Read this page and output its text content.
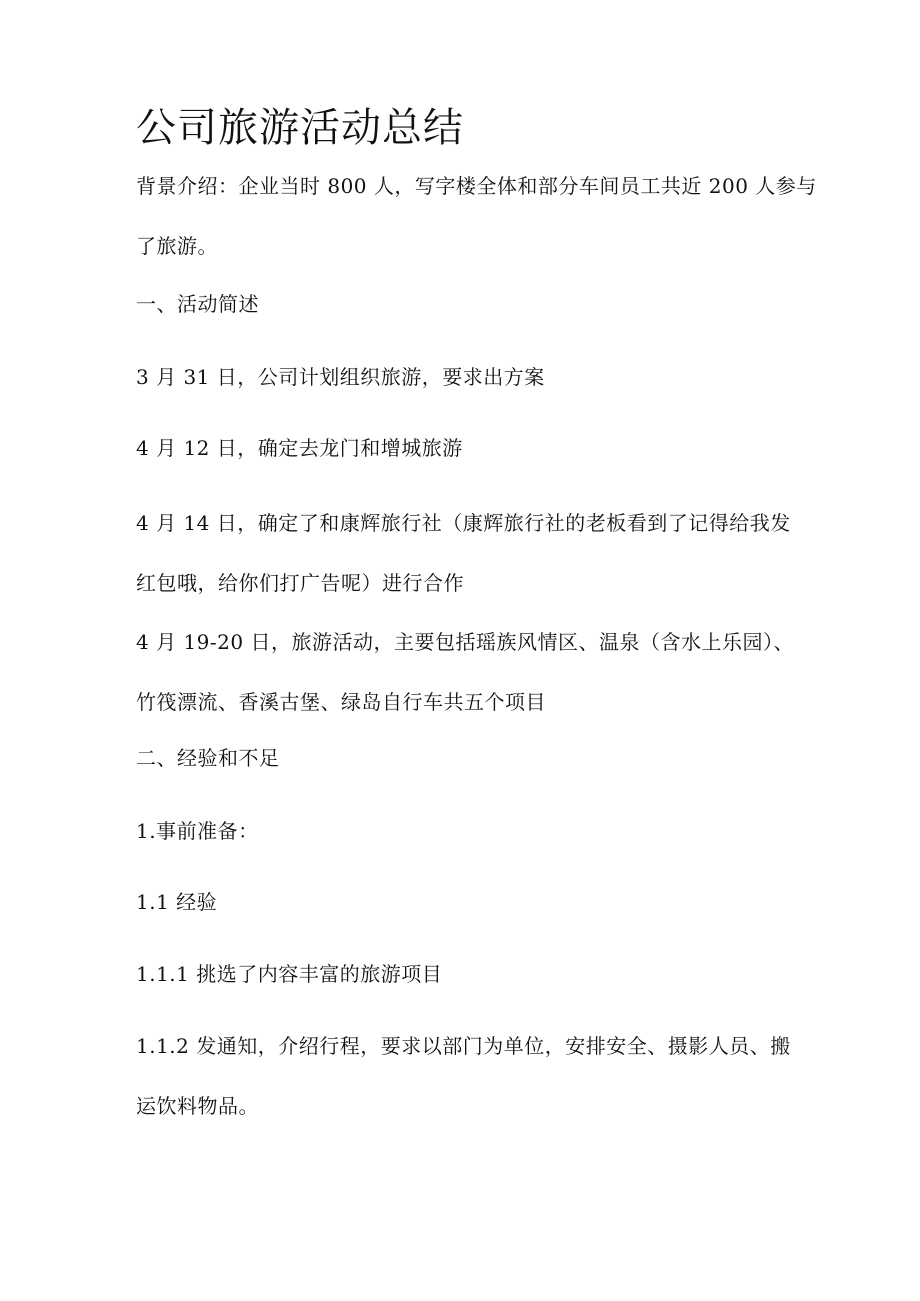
公司旅游活动总结

背景介绍：企业当时 800 人，写字楼全体和部分车间员工共近 200 人参与
了旅游。

一、活动简述

3 月 31 日，公司计划组织旅游，要求出方案

4 月 12 日，确定去龙门和增城旅游

4 月 14 日，确定了和康辉旅行社（康辉旅行社的老板看到了记得给我发
红包哦，给你们打广告呢）进行合作

4 月 19-20 日，旅游活动，主要包括瑶族风情区、温泉（含水上乐园）、
竹筏漂流、香溪古堡、绿岛自行车共五个项目

二、经验和不足

1.事前准备：

1.1 经验

1.1.1 挑选了内容丰富的旅游项目

1.1.2 发通知，介绍行程，要求以部门为单位，安排安全、摄影人员、搬
运饮料物品。
